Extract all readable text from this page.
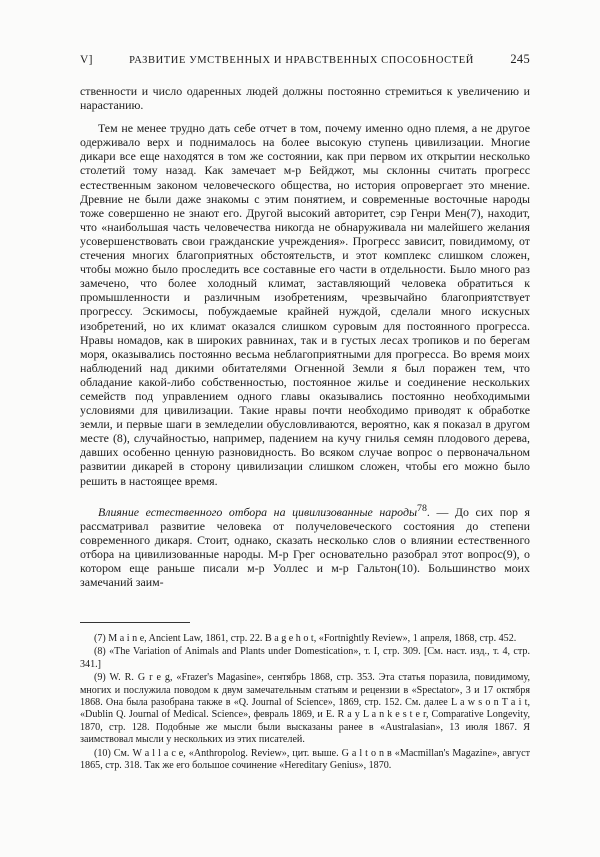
V]	РАЗВИТИЕ УМСТВЕННЫХ И НРАВСТВЕННЫХ СПОСОБНОСТЕЙ	245

ственности и число одаренных людей должны постоянно стремиться к увеличению и нарастанию.

Тем не менее трудно дать себе отчет в том, почему именно одно племя, а не другое одерживало верх и поднималось на более высокую ступень цивилизации. Многие дикари все еще находятся в том же состоянии, как при первом их открытии несколько столетий тому назад. Как замечает м-р Бейджот, мы склонны считать прогресс естественным законом человеческого общества, но история опровергает это мнение. Древние не были даже знакомы с этим понятием, и современные восточные народы тоже совершенно не знают его. Другой высокий авторитет, сэр Генри Мен(7), находит, что «наибольшая часть человечества никогда не обнаруживала ни малейшего желания усовершенствовать свои гражданские учреждения». Прогресс зависит, повидимому, от стечения многих благоприятных обстоятельств, и этот комплекс слишком сложен, чтобы можно было проследить все составные его части в отдельности. Было много раз замечено, что более холодный климат, заставляющий человека обратиться к промышленности и различным изобретениям, чрезвычайно благоприятствует прогрессу. Эскимосы, побуждаемые крайней нуждой, сделали много искусных изобретений, но их климат оказался слишком суровым для постоянного прогресса. Нравы номадов, как в широких равнинах, так и в густых лесах тропиков и по берегам моря, оказывались постоянно весьма неблагоприятными для прогресса. Во время моих наблюдений над дикими обитателями Огненной Земли я был поражен тем, что обладание какой-либо собственностью, постоянное жилье и соединение нескольких семейств под управлением одного главы оказывались постоянно необходимыми условиями для цивилизации. Такие нравы почти необходимо приводят к обработке земли, и первые шаги в земледелии обусловливаются, вероятно, как я показал в другом месте (8), случайностью, например, падением на кучу гнилья семян плодового дерева, давших особенно ценную разновидность. Во всяком случае вопрос о первоначальном развитии дикарей в сторону цивилизации слишком сложен, чтобы его можно было решить в настоящее время.

Влияние естественного отбора на цивилизованные народы$^{78}$. — До сих пор я рассматривал развитие человека от получеловеческого состояния до степени современного дикаря. Стоит, однако, сказать несколько слов о влиянии естественного отбора на цивилизованные народы. М-р Грег основательно разобрал этот вопрос(9), о котором еще раньше писали м-р Уоллес и м-р Гальтон(10). Большинство моих замечаний заим-

(7) M a i n e, Ancient Law, 1861, стр. 22. B a g e h o t, «Fortnightly Review», 1 апреля, 1868, стр. 452.

(8) «The Variation of Animals and Plants under Domestication», т. I, стр. 309. [См. наст. изд., т. 4, стр. 341.]

(9) W. R. G r e g, «Frazer's Magasine», сентябрь 1868, стр. 353. Эта статья поразила, повидимому, многих и послужила поводом к двум замечательным статьям и рецензии в «Spectator», 3 и 17 октября 1868. Она была разобрана также в «Q. Journal of Science», 1869, стр. 152. См. далее L a w s o n T a i t, «Dublin Q. Journal of Medical. Science», февраль 1869, и E. R a y L a n k e s t e r, Comparative Longevity, 1870, стр. 128. Подобные же мысли были высказаны ранее в «Australasian», 13 июля 1867. Я заимствовал мысли у нескольких из этих писателей.

(10) См. W a l l a c e, «Anthropolog. Review», цит. выше. G a l t o n в «Macmillan's Magazine», август 1865, стр. 318. Так же его большое сочинение «Hereditary Genius», 1870.
